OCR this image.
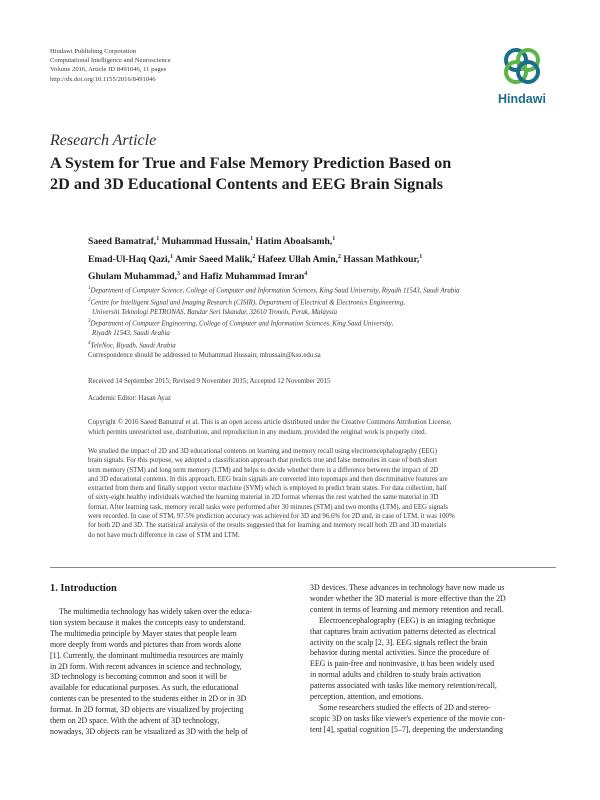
Hindawi Publishing Corporation
Computational Intelligence and Neuroscience
Volume 2016, Article ID 8491046, 11 pages
http://dx.doi.org/10.1155/2016/8491046
Hindawi
Research Article
A System for True and False Memory Prediction Based on
2D and 3D Educational Contents and EEG Brain Signals
Saeed Bamatraf,$^1$ Muhammad Hussain,$^1$ Hatim Aboalsamh,$^1$
Emad-Ul-Haq Qazi,$^1$ Amir Saeed Malik,$^2$ Hafeez Ullah Amin,$^2$ Hassan Mathkour,$^1$
Ghulam Muhammad,$^3$ and Hafiz Muhammad Imran$^4$
$^1$Department of Computer Science, College of Computer and Information Sciences, King Saud University, Riyadh 11543, Saudi Arabia
$^2$Centre for Intelligent Signal and Imaging Research (CISIR), Department of Electrical & Electronics Engineering,
Universiti Teknologi PETRONAS, Bandar Seri Iskandar, 32610 Tronoh, Perak, Malaysia
$^3$Department of Computer Engineering, College of Computer and Information Sciences, King Saud University,
Riyadh 11543, Saudi Arabia
$^4$TeleNoc, Riyadh, Saudi Arabia
Correspondence should be addressed to Muhammad Hussain; mhussain@ksu.edu.sa
Received 14 September 2015; Revised 9 November 2015; Accepted 12 November 2015
Academic Editor: Hasan Ayaz
Copyright © 2016 Saeed Bamatraf et al. This is an open access article distributed under the Creative Commons Attribution License,
which permits unrestricted use, distribution, and reproduction in any medium, provided the original work is properly cited.
We studied the impact of 2D and 3D educational contents on learning and memory recall using electroencephalography (EEG)
brain signals. For this purpose, we adopted a classification approach that predicts true and false memories in case of both short
term memory (STM) and long term memory (LTM) and helps to decide whether there is a difference between the impact of 2D
and 3D educational contents. In this approach, EEG brain signals are converted into topomaps and then discriminative features are
extracted from them and finally support vector machine (SVM) which is employed to predict brain states. For data collection, half
of sixty-eight healthy individuals watched the learning material in 2D format whereas the rest watched the same material in 3D
format. After learning task, memory recall tasks were performed after 30 minutes (STM) and two months (LTM), and EEG signals
were recorded. In case of STM, 97.5% prediction accuracy was achieved for 3D and 96.6% for 2D and, in case of LTM, it was 100%
for both 2D and 3D. The statistical analysis of the results suggested that for learning and memory recall both 2D and 3D materials
do not have much difference in case of STM and LTM.
1. Introduction
The multimedia technology has widely taken over the educa-
tion system because it makes the concepts easy to understand.
The multimedia principle by Mayer states that people learn
more deeply from words and pictures than from words alone
[1]. Currently, the dominant multimedia resources are mainly
in 2D form. With recent advances in science and technology,
3D technology is becoming common and soon it will be
available for educational purposes. As such, the educational
contents can be presented to the students either in 2D or in 3D
format. In 2D format, 3D objects are visualized by projecting
them on 2D space. With the advent of 3D technology,
nowadays, 3D objects can be visualized as 3D with the help of
3D devices. These advances in technology have now made us
wonder whether the 3D material is more effective than the 2D
content in terms of learning and memory retention and recall.
Electroencephalography (EEG) is an imaging technique
that captures brain activation patterns detected as electrical
activity on the scalp [2, 3]. EEG signals reflect the brain
behavior during mental activities. Since the procedure of
EEG is pain-free and noninvasive, it has been widely used
in normal adults and children to study brain activation
patterns associated with tasks like memory retention/recall,
perception, attention, and emotions.
Some researchers studied the effects of 2D and stereo-
scopic 3D on tasks like viewer's experience of the movie con-
tent [4], spatial cognition [5–7], deepening the understanding
